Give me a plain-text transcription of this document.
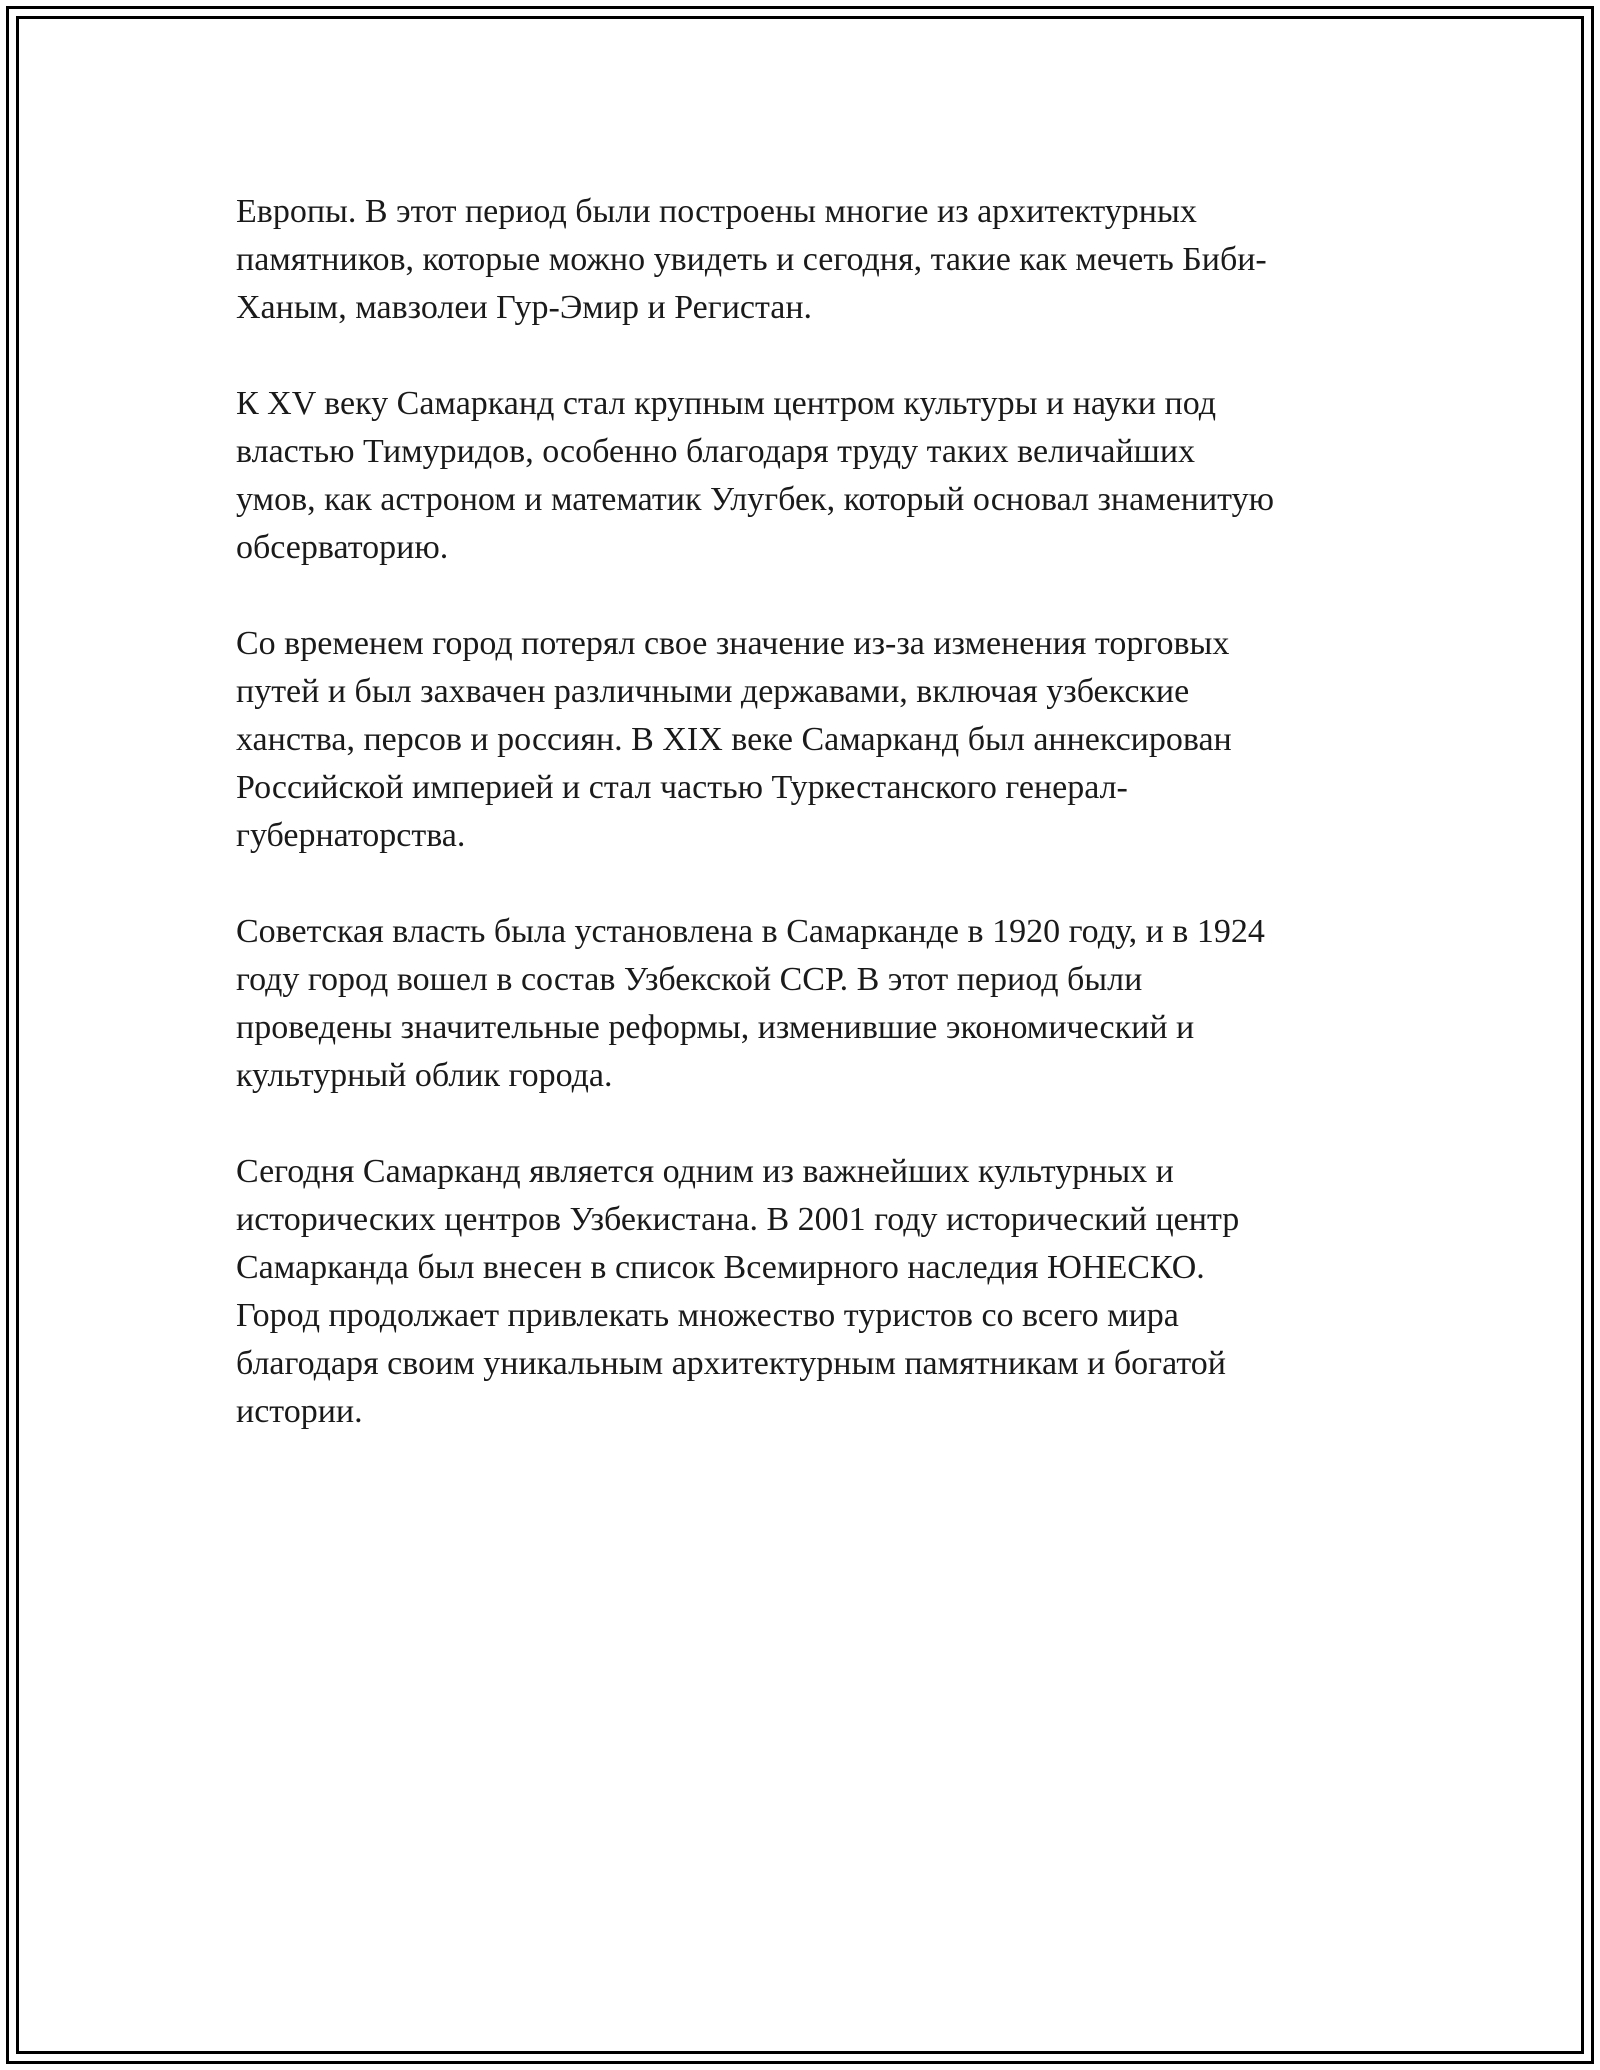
Европы. В этот период были построены многие из архитектурных
памятников, которые можно увидеть и сегодня, такие как мечеть Биби-
Ханым, мавзолеи Гур-Эмир и Регистан.

К XV веку Самарканд стал крупным центром культуры и науки под
властью Тимуридов, особенно благодаря труду таких величайших
умов, как астроном и математик Улугбек, который основал знаменитую
обсерваторию.

Со временем город потерял свое значение из-за изменения торговых
путей и был захвачен различными державами, включая узбекские
ханства, персов и россиян. В XIX веке Самарканд был аннексирован
Российской империей и стал частью Туркестанского генерал-
губернаторства.

Советская власть была установлена в Самарканде в 1920 году, и в 1924
году город вошел в состав Узбекской ССР. В этот период были
проведены значительные реформы, изменившие экономический и
культурный облик города.

Сегодня Самарканд является одним из важнейших культурных и
исторических центров Узбекистана. В 2001 году исторический центр
Самарканда был внесен в список Всемирного наследия ЮНЕСКО.
Город продолжает привлекать множество туристов со всего мира
благодаря своим уникальным архитектурным памятникам и богатой
истории.
